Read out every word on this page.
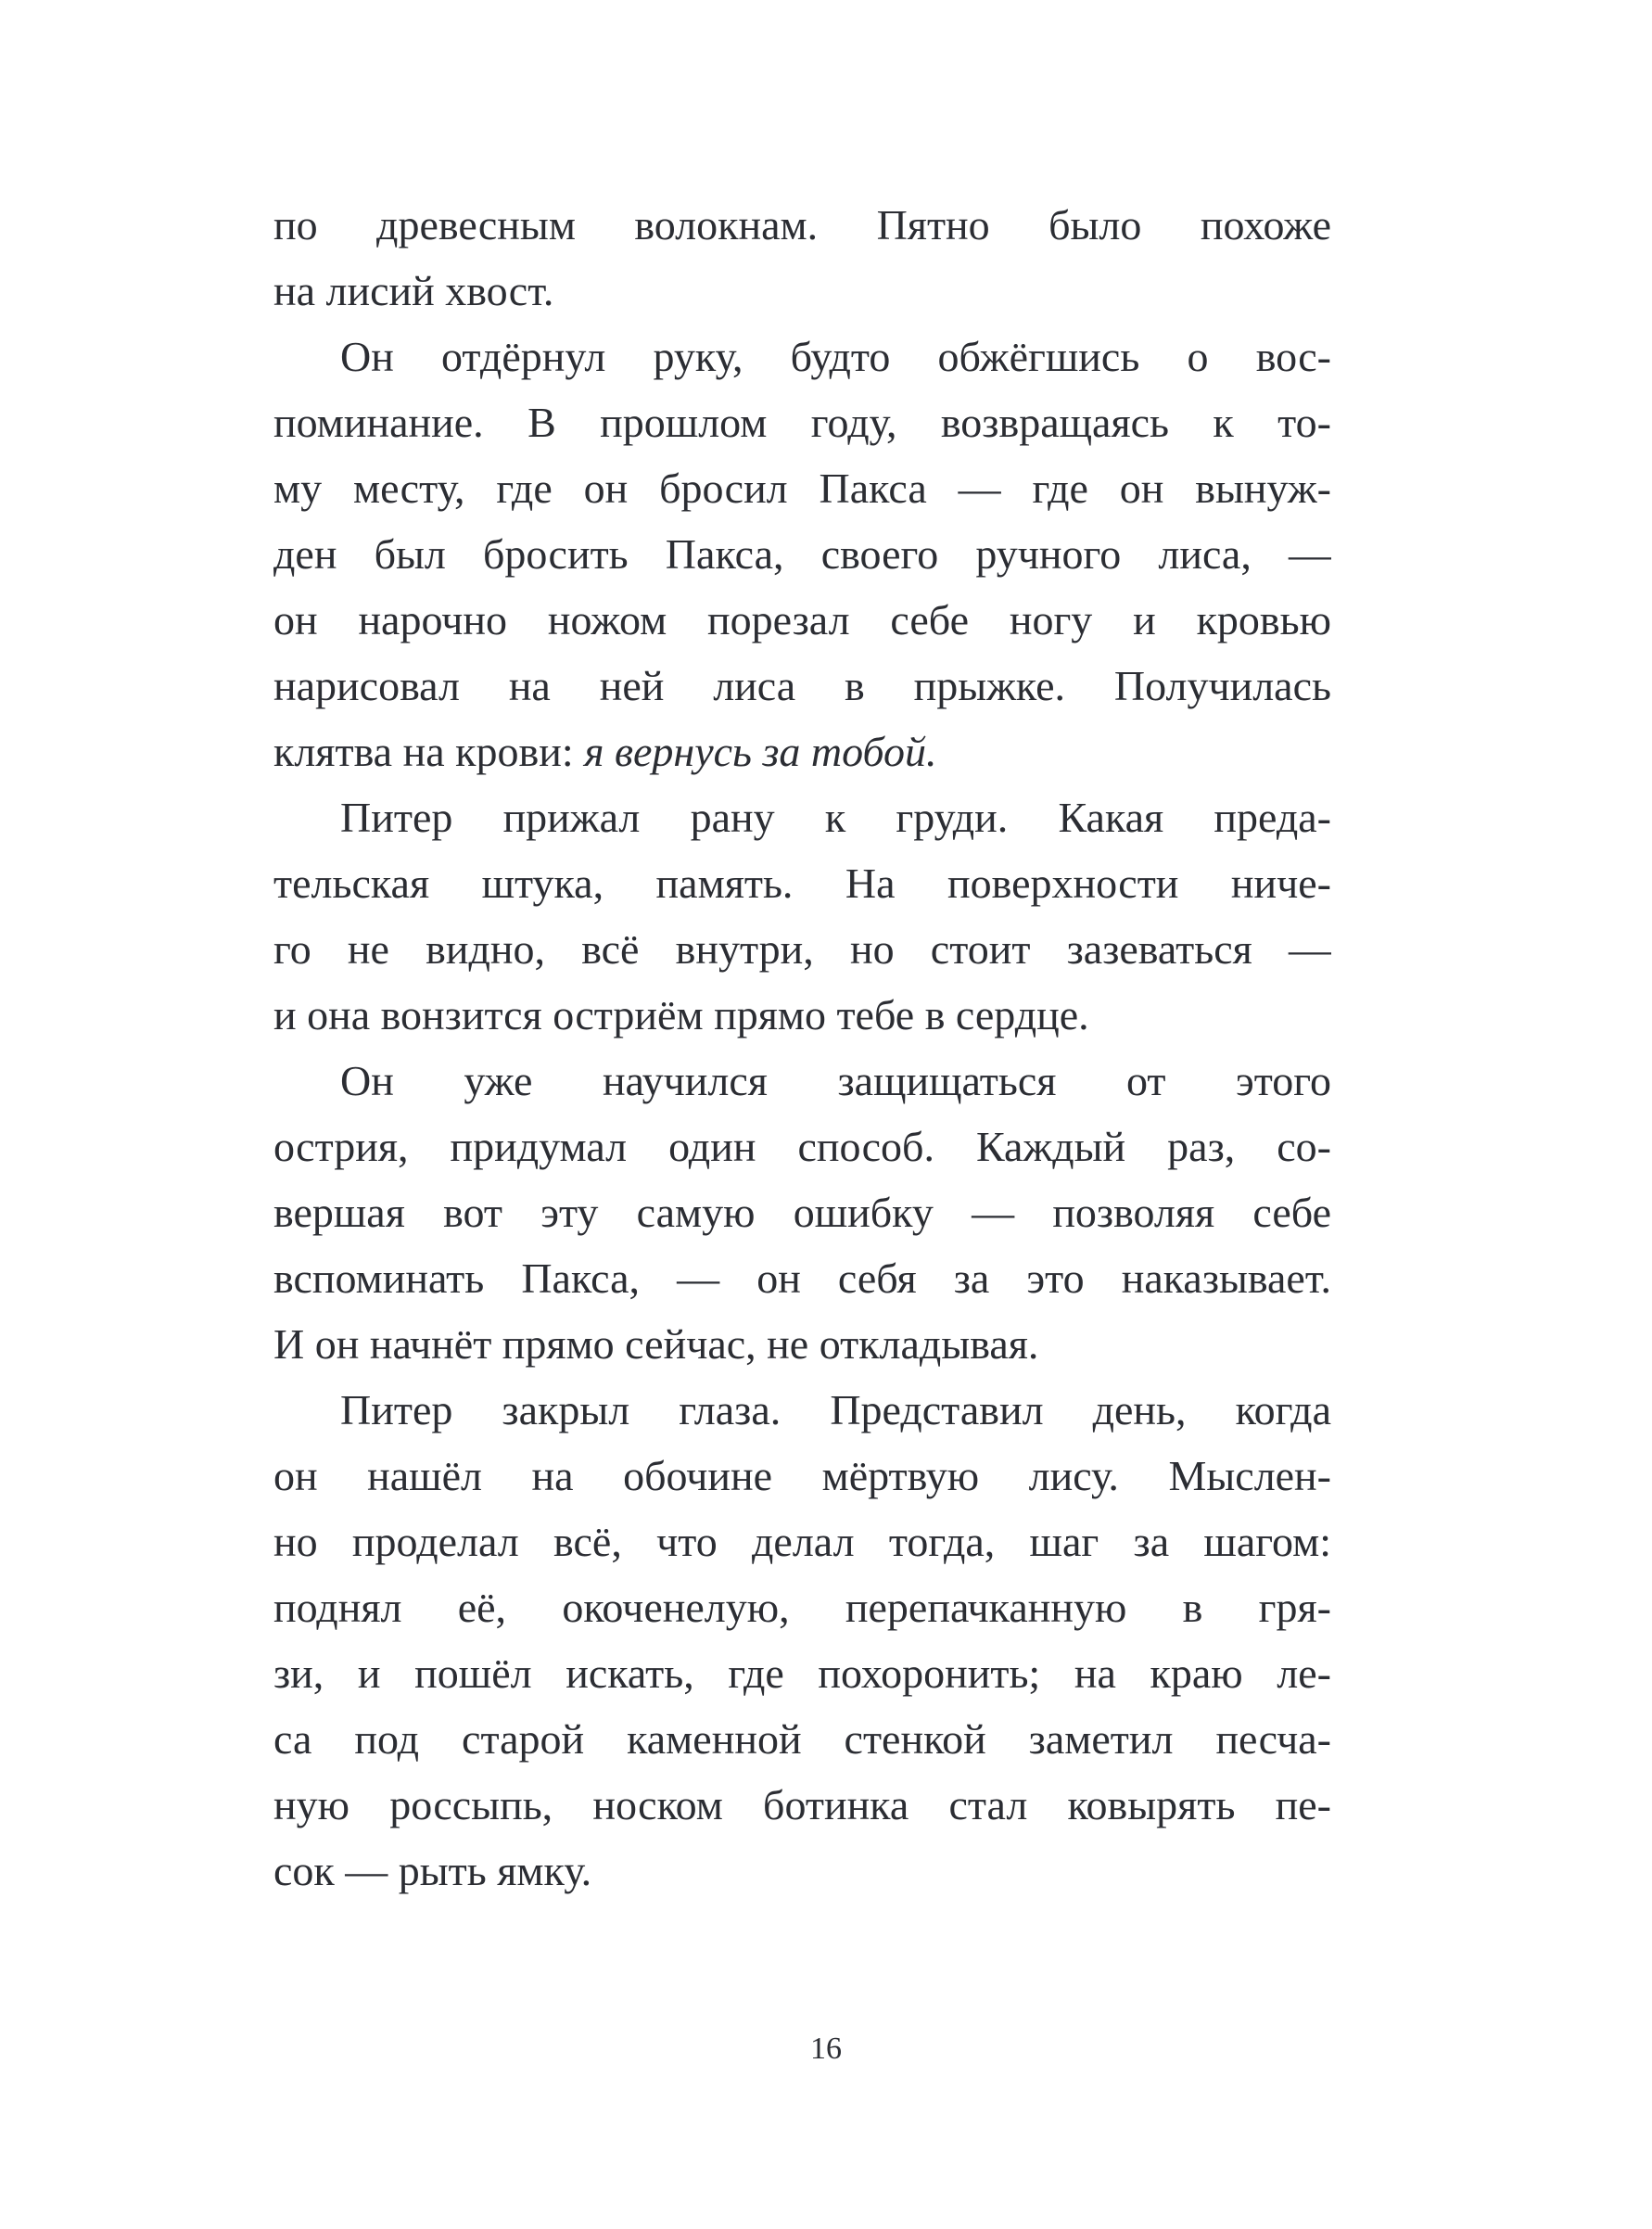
по древесным волокнам. Пятно было похоже
на лисий хвост.
Он отдёрнул руку, будто обжёгшись о вос-
поминание. В прошлом году, возвращаясь к то-
му месту, где он бросил Пакса — где он вынуж-
ден был бросить Пакса, своего ручного лиса, —
он нарочно ножом порезал себе ногу и кровью
нарисовал на ней лиса в прыжке. Получилась
клятва на крови: я вернусь за тобой.
Питер прижал рану к груди. Какая преда-
тельская штука, память. На поверхности ниче-
го не видно, всё внутри, но стоит зазеваться —
и она вонзится остриём прямо тебе в сердце.
Он уже научился защищаться от этого
острия, придумал один способ. Каждый раз, со-
вершая вот эту самую ошибку — позволяя себе
вспоминать Пакса, — он себя за это наказывает.
И он начнёт прямо сейчас, не откладывая.
Питер закрыл глаза. Представил день, когда
он нашёл на обочине мёртвую лису. Мыслен-
но проделал всё, что делал тогда, шаг за шагом:
поднял её, окоченелую, перепачканную в гря-
зи, и пошёл искать, где похоронить; на краю ле-
са под старой каменной стенкой заметил песча-
ную россыпь, носком ботинка стал ковырять пе-
сок — рыть ямку.
16
